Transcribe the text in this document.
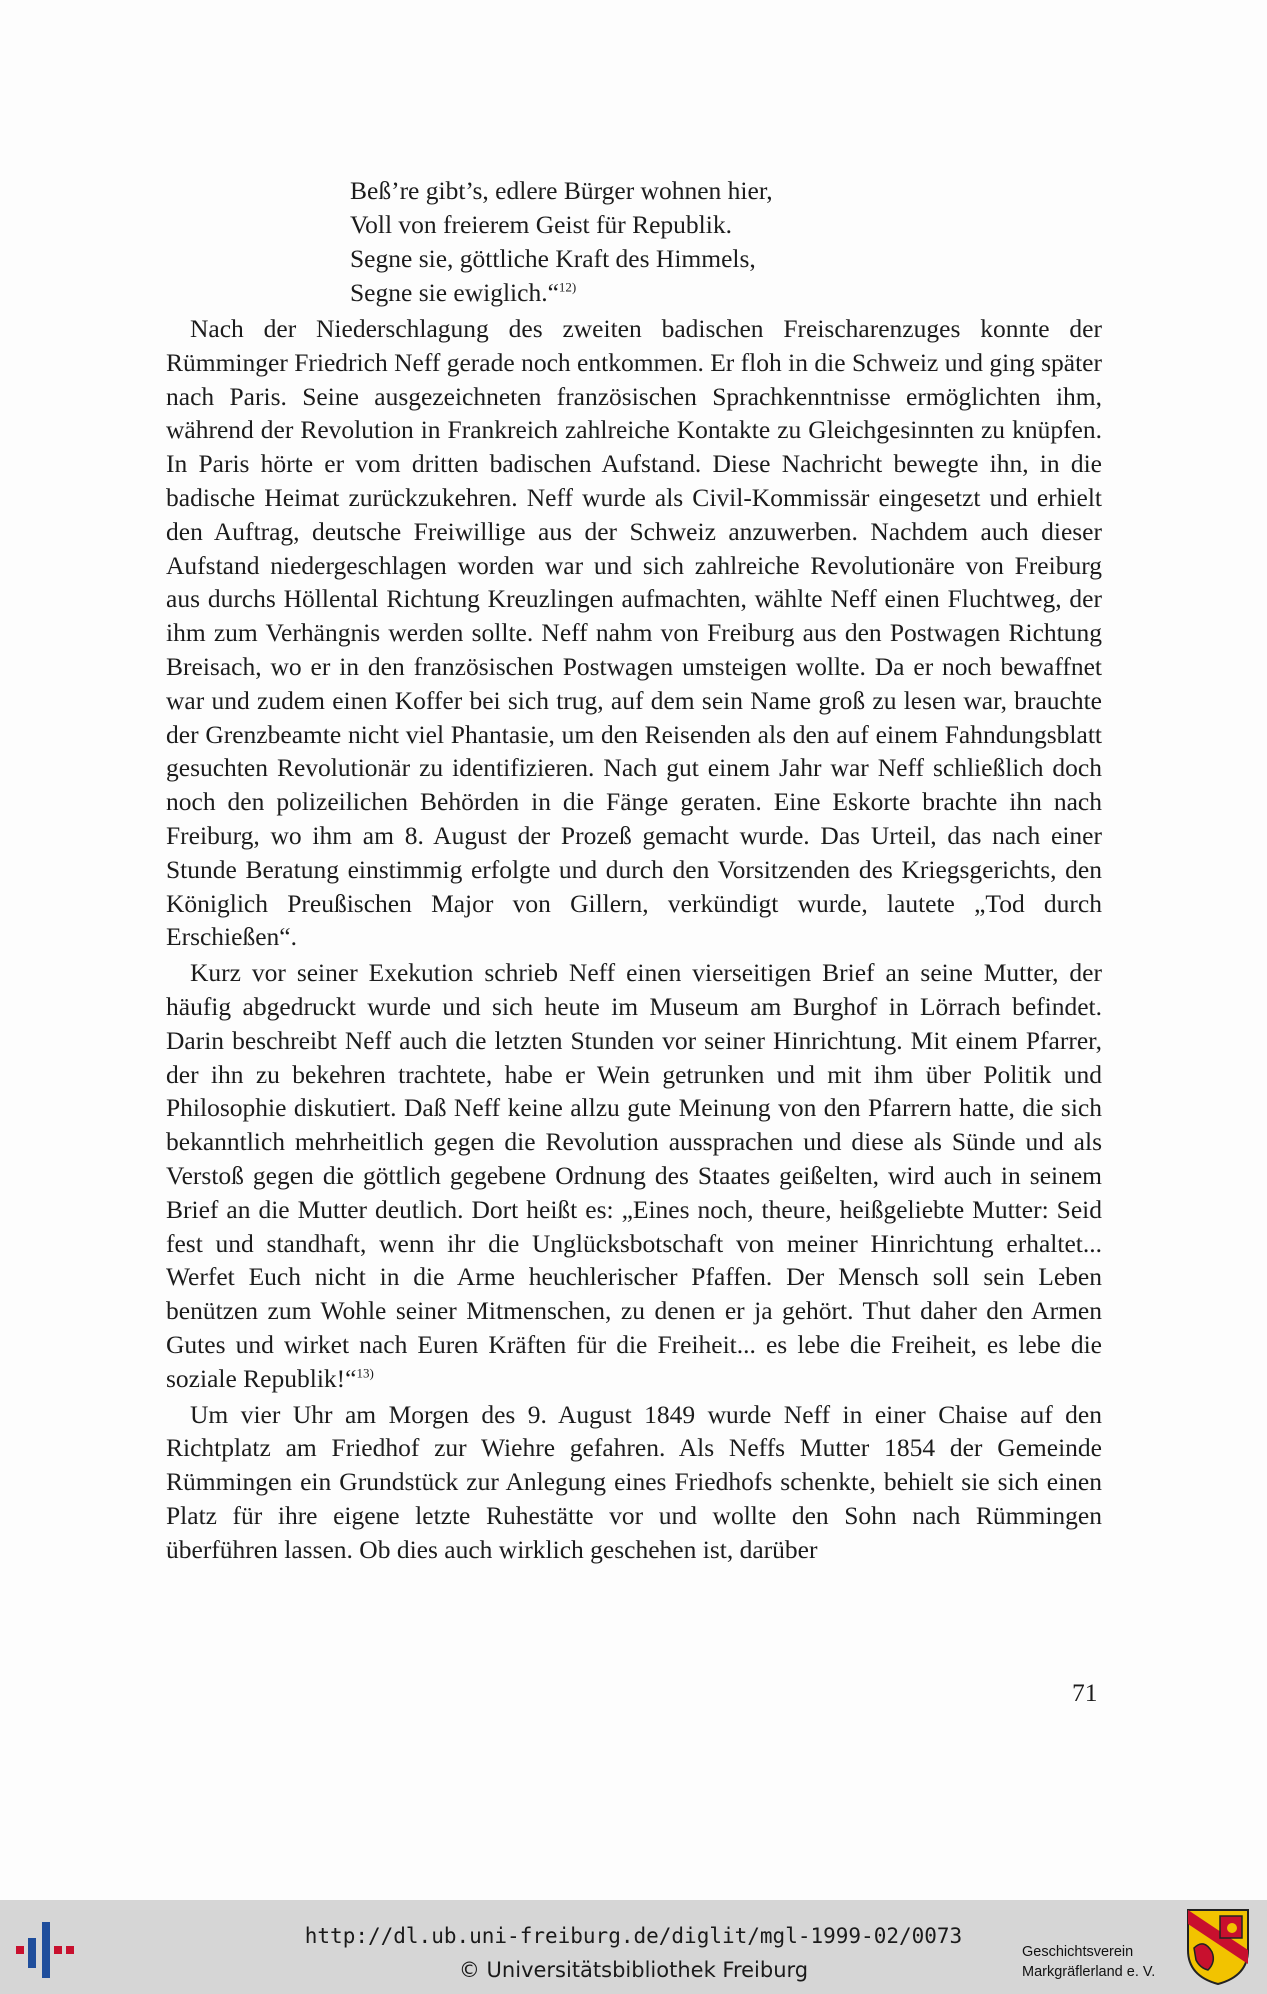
Beß’re gibt’s, edlere Bürger wohnen hier,
Voll von freierem Geist für Republik.
Segne sie, göttliche Kraft des Himmels,
Segne sie ewiglich.“$^{12)}$

Nach der Niederschlagung des zweiten badischen Freischarenzuges konnte der Rümminger Friedrich Neff gerade noch entkommen. Er floh in die Schweiz und ging später nach Paris. Seine ausgezeichneten französischen Sprachkenntnisse ermöglichten ihm, während der Revolution in Frankreich zahlreiche Kontakte zu Gleichgesinnten zu knüpfen. In Paris hörte er vom dritten badischen Aufstand. Diese Nachricht bewegte ihn, in die badische Heimat zurückzukehren. Neff wurde als Civil-Kommissär eingesetzt und erhielt den Auftrag, deutsche Freiwillige aus der Schweiz anzuwerben. Nachdem auch dieser Aufstand niedergeschlagen worden war und sich zahlreiche Revolutionäre von Freiburg aus durchs Höllental Richtung Kreuzlingen aufmachten, wählte Neff einen Fluchtweg, der ihm zum Verhängnis werden sollte. Neff nahm von Freiburg aus den Postwagen Richtung Breisach, wo er in den französischen Postwagen umsteigen wollte. Da er noch bewaffnet war und zudem einen Koffer bei sich trug, auf dem sein Name groß zu lesen war, brauchte der Grenzbeamte nicht viel Phantasie, um den Reisenden als den auf einem Fahndungsblatt gesuchten Revolutionär zu identifizieren. Nach gut einem Jahr war Neff schließlich doch noch den polizeilichen Behörden in die Fänge geraten. Eine Eskorte brachte ihn nach Freiburg, wo ihm am 8. August der Prozeß gemacht wurde. Das Urteil, das nach einer Stunde Beratung einstimmig erfolgte und durch den Vorsitzenden des Kriegsgerichts, den Königlich Preußischen Major von Gillern, verkündigt wurde, lautete „Tod durch Erschießen“.

Kurz vor seiner Exekution schrieb Neff einen vierseitigen Brief an seine Mutter, der häufig abgedruckt wurde und sich heute im Museum am Burghof in Lörrach befindet. Darin beschreibt Neff auch die letzten Stunden vor seiner Hinrichtung. Mit einem Pfarrer, der ihn zu bekehren trachtete, habe er Wein getrunken und mit ihm über Politik und Philosophie diskutiert. Daß Neff keine allzu gute Meinung von den Pfarrern hatte, die sich bekanntlich mehrheitlich gegen die Revolution aussprachen und diese als Sünde und als Verstoß gegen die göttlich gegebene Ordnung des Staates geißelten, wird auch in seinem Brief an die Mutter deutlich. Dort heißt es: „Eines noch, theure, heißgeliebte Mutter: Seid fest und standhaft, wenn ihr die Unglücksbotschaft von meiner Hinrichtung erhaltet... Werfet Euch nicht in die Arme heuchlerischer Pfaffen. Der Mensch soll sein Leben benützen zum Wohle seiner Mitmenschen, zu denen er ja gehört. Thut daher den Armen Gutes und wirket nach Euren Kräften für die Freiheit... es lebe die Freiheit, es lebe die soziale Republik!“$^{13)}$

Um vier Uhr am Morgen des 9. August 1849 wurde Neff in einer Chaise auf den Richtplatz am Friedhof zur Wiehre gefahren. Als Neffs Mutter 1854 der Gemeinde Rümmingen ein Grundstück zur Anlegung eines Friedhofs schenkte, behielt sie sich einen Platz für ihre eigene letzte Ruhestätte vor und wollte den Sohn nach Rümmingen überführen lassen. Ob dies auch wirklich geschehen ist, darüber

71
http://dl.ub.uni-freiburg.de/diglit/mgl-1999-02/0073
© Universitätsbibliothek Freiburg
Geschichtsverein
Markgräflerland e. V.
